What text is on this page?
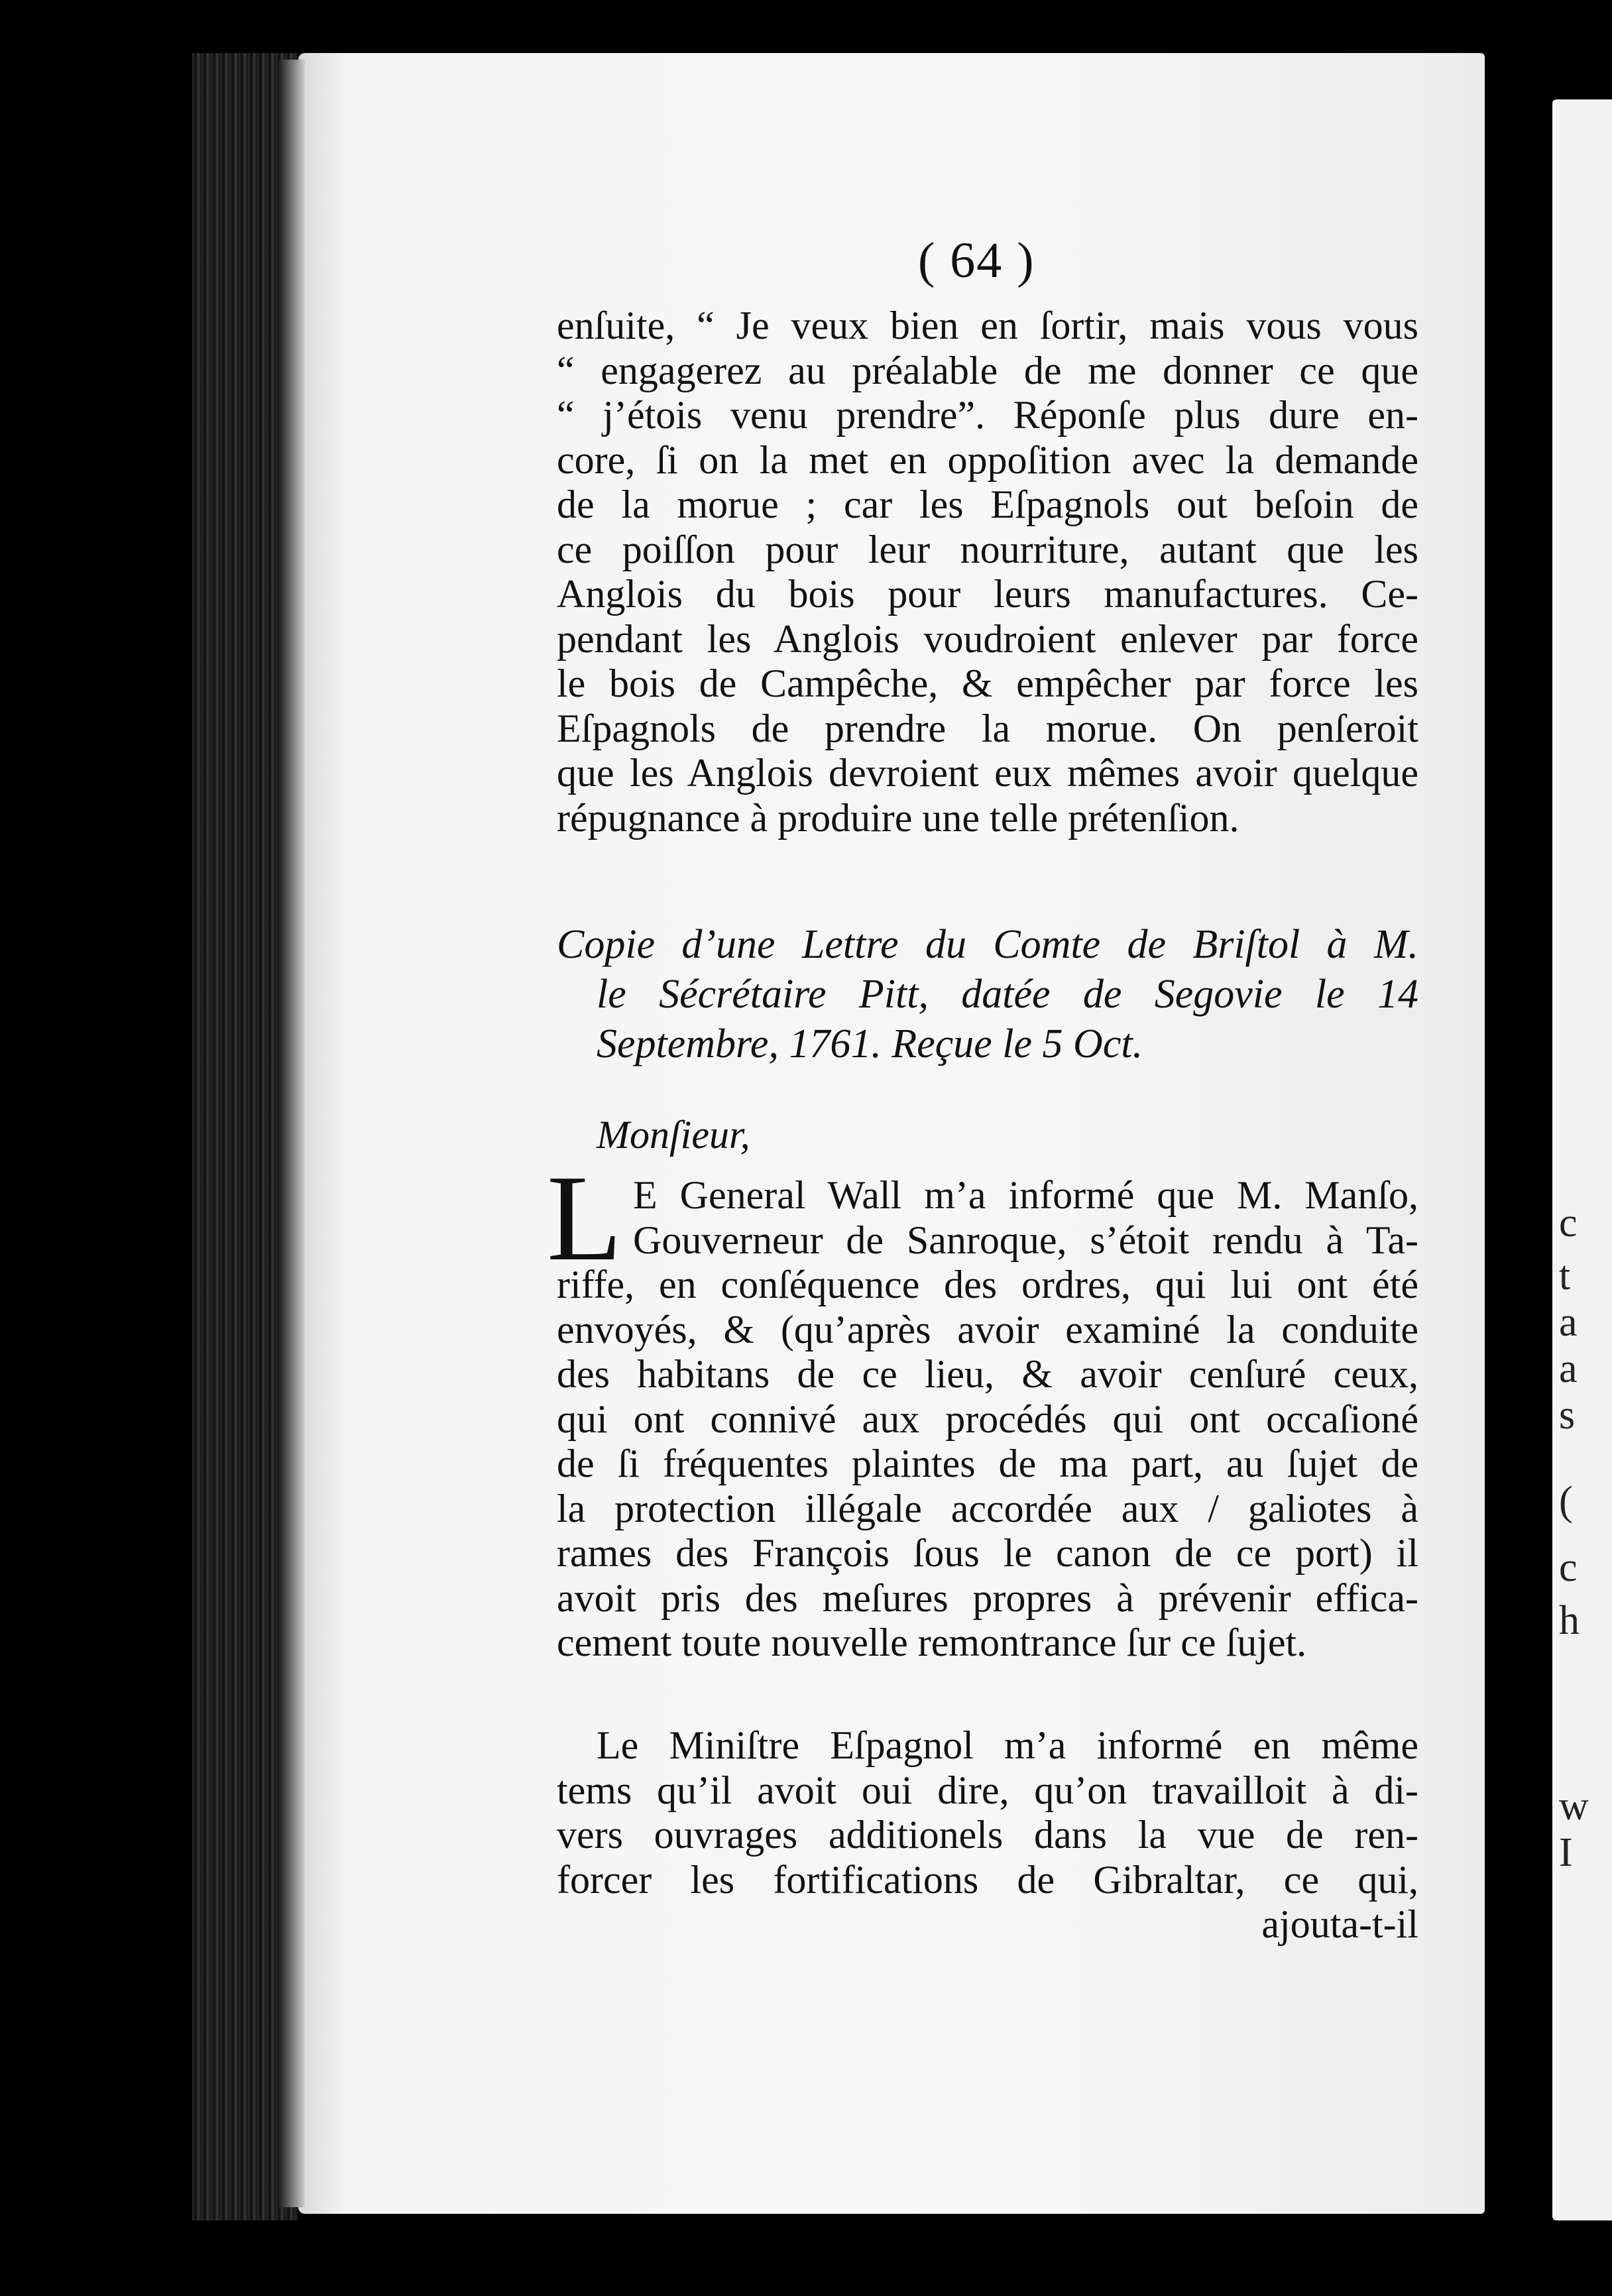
c
t
a
a
s
(
c
h
w
I
( 64 )
enſuite, “ Je veux bien en ſortir, mais vous vous
“ engagerez au préalable de me donner ce que
“ j’étois venu prendre”. Réponſe plus dure en-
core, ſi on la met en oppoſition avec la demande
de la morue ; car les Eſpagnols out beſoin de
ce poiſſon pour leur nourriture, autant que les
Anglois du bois pour leurs manufactures. Ce-
pendant les Anglois voudroient enlever par force
le bois de Campêche, & empêcher par force les
Eſpagnols de prendre la morue. On penſeroit
que les Anglois devroient eux mêmes avoir quelque
répugnance à produire une telle prétenſion.
Copie d’une Lettre du Comte de Briſtol à M.
le Sécrétaire Pitt, datée de Segovie le 14
Septembre, 1761. Reçue le 5 Oct.
Monſieur,
L E General Wall m’a informé que M. Manſo,
Gouverneur de Sanroque, s’étoit rendu à Ta-
riffe, en conſéquence des ordres, qui lui ont été
envoyés, & (qu’après avoir examiné la conduite
des habitans de ce lieu, & avoir cenſuré ceux,
qui ont connivé aux procédés qui ont occaſioné
de ſi fréquentes plaintes de ma part, au ſujet de
la protection illégale accordée aux / galiotes à
rames des François ſous le canon de ce port) il
avoit pris des meſures propres à prévenir effica-
cement toute nouvelle remontrance ſur ce ſujet.
Le Miniſtre Eſpagnol m’a informé en même
tems qu’il avoit oui dire, qu’on travailloit à di-
vers ouvrages additionels dans la vue de ren-
forcer les fortifications de Gibraltar, ce qui,
ajouta-t-il
